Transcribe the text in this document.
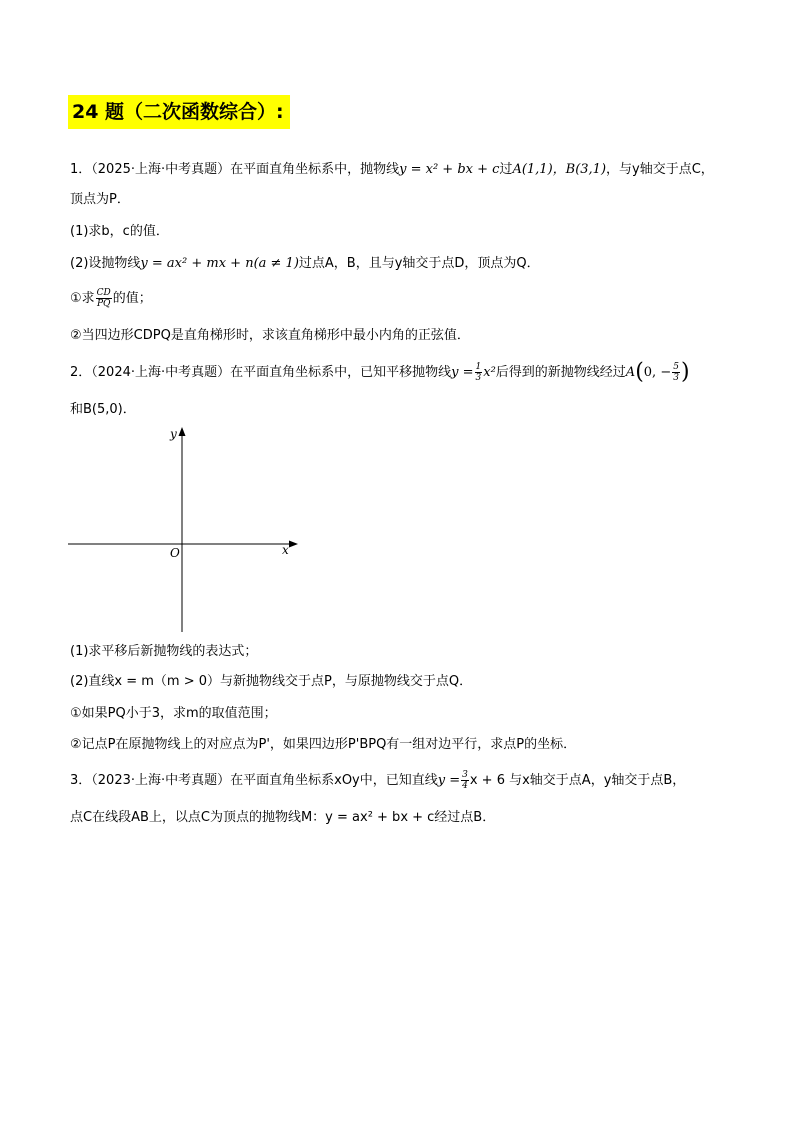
24 题（二次函数综合）:
1．（2025·上海·中考真题）在平面直角坐标系中，抛物线y = x² + bx + c过A(1,1)，B(3,1)，与y轴交于点C，
顶点为P．
(1)求b，c的值．
(2)设抛物线y = ax² + mx + n(a ≠ 1)过点A，B，且与y轴交于点D，顶点为Q．
①求 $\frac{CD}{PQ}$ 的值；
②当四边形CDPQ是直角梯形时，求该直角梯形中最小内角的正弦值．
2．（2024·上海·中考真题）在平面直角坐标系中，已知平移抛物线$y = \frac{1}{3} x^2$后得到的新抛物线经过A(0, − $\frac{5}{3}$ )
和B(5,0)．
y
x
O
(1)求平移后新抛物线的表达式；
(2)直线x = m（m > 0）与新抛物线交于点P，与原抛物线交于点Q．
①如果PQ小于3，求m的取值范围；
②记点P在原抛物线上的对应点为P'，如果四边形P'BPQ有一组对边平行，求点P的坐标．
3．（2023·上海·中考真题）在平面直角坐标系xOy中，已知直线$y = \frac{3}{4}$ x + 6 与x轴交于点A，y轴交于点B，
点C在线段AB上，以点C为顶点的抛物线M：y = ax² + bx + c经过点B．
